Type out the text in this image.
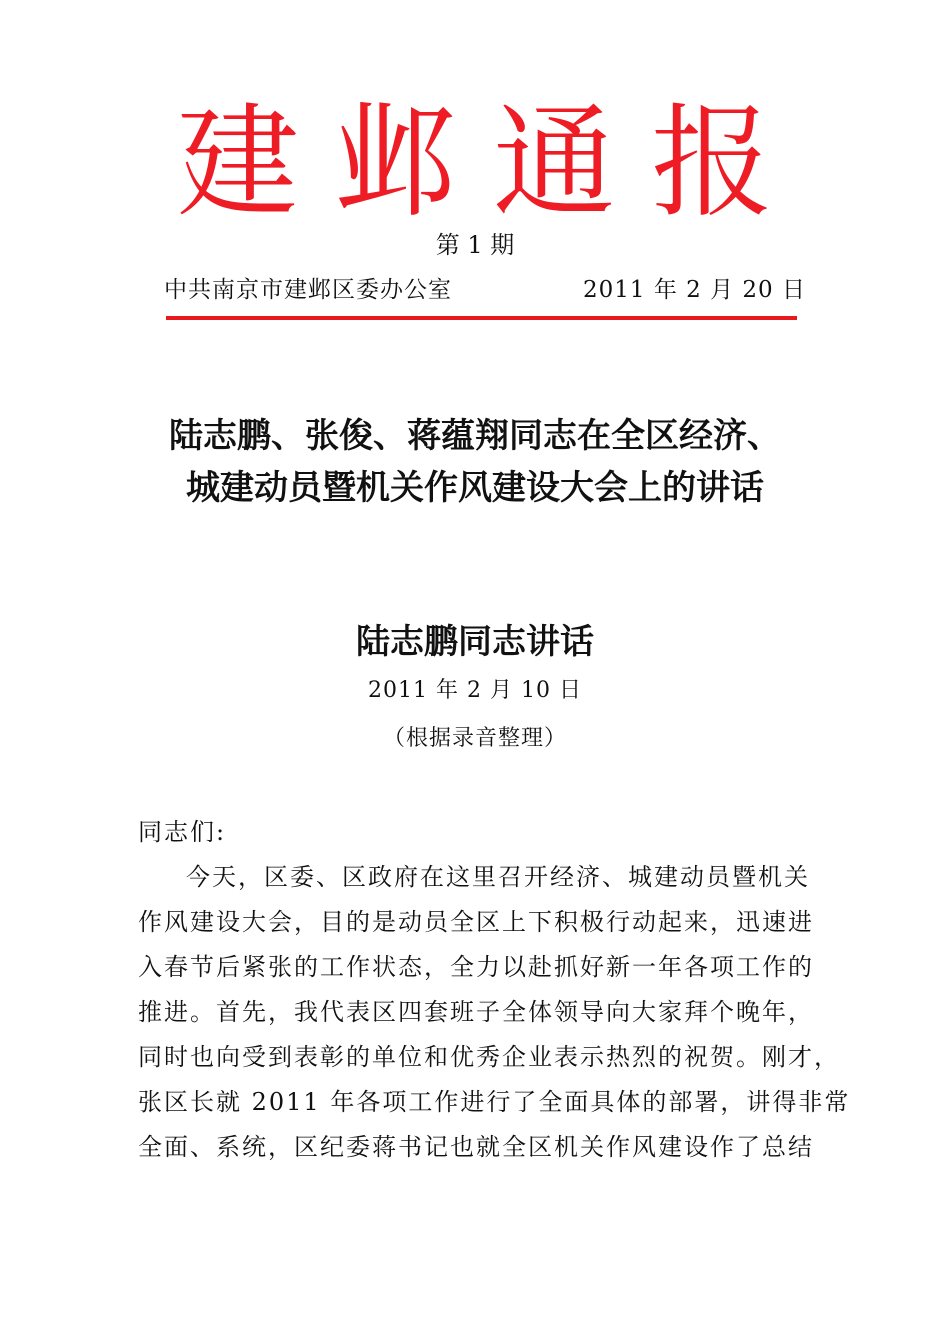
建邺通报
第 1 期
中共南京市建邺区委办公室	2011 年 2 月 20 日
陆志鹏、张俊、蒋蕴翔同志在全区经济、
城建动员暨机关作风建设大会上的讲话
陆志鹏同志讲话
2011 年 2 月 10 日
（根据录音整理）
同志们:
今天，区委、区政府在这里召开经济、城建动员暨机关
作风建设大会，目的是动员全区上下积极行动起来，迅速进
入春节后紧张的工作状态，全力以赴抓好新一年各项工作的
推进。首先，我代表区四套班子全体领导向大家拜个晚年，
同时也向受到表彰的单位和优秀企业表示热烈的祝贺。刚才，
张区长就 2011 年各项工作进行了全面具体的部署，讲得非常
全面、系统，区纪委蒋书记也就全区机关作风建设作了总结
